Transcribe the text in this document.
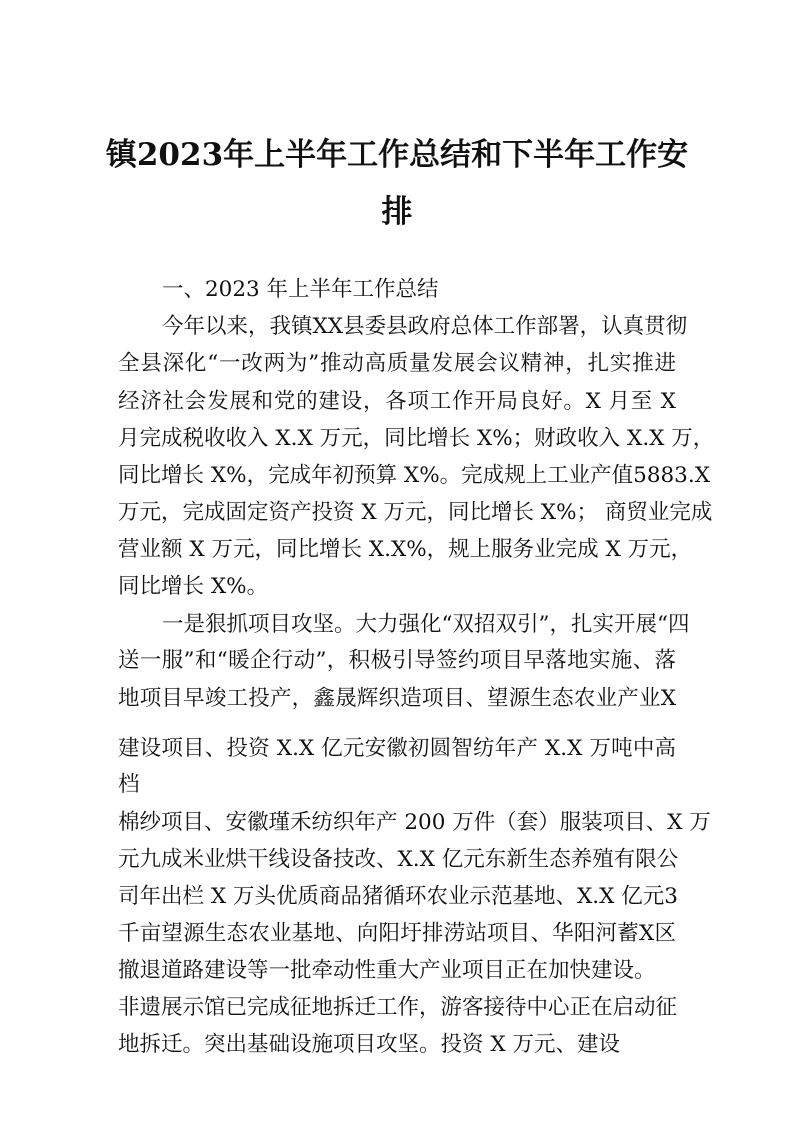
镇2023年上半年工作总结和下半年工作安
排
一、2023 年上半年工作总结
今年以来，我镇XX县委县政府总体工作部署，认真贯彻
全县深化“一改两为”推动高质量发展会议精神，扎实推进
经济社会发展和党的建设，各项工作开局良好。X 月至 X
月完成税收收入 X.X 万元，同比增长 X%；财政收入 X.X 万，
同比增长 X%，完成年初预算 X%。完成规上工业产值5883.X
万元，完成固定资产投资 X 万元，同比增长 X%； 商贸业完成
营业额 X 万元，同比增长 X.X%，规上服务业完成 X 万元，
同比增长 X%。
一是狠抓项目攻坚。大力强化“双招双引”，扎实开展“四
送一服”和“暖企行动”，积极引导签约项目早落地实施、落
地项目早竣工投产，鑫晟辉织造项目、望源生态农业产业X
建设项目、投资 X.X 亿元安徽初圆智纺年产 X.X 万吨中高
档
棉纱项目、安徽瑾禾纺织年产 200 万件（套）服装项目、X 万
元九成米业烘干线设备技改、X.X 亿元东新生态养殖有限公
司年出栏 X 万头优质商品猪循环农业示范基地、X.X 亿元3
千亩望源生态农业基地、向阳圩排涝站项目、华阳河蓄X区
撤退道路建设等一批牵动性重大产业项目正在加快建设。
非遗展示馆已完成征地拆迁工作，游客接待中心正在启动征
地拆迁。突出基础设施项目攻坚。投资 X 万元、建设
